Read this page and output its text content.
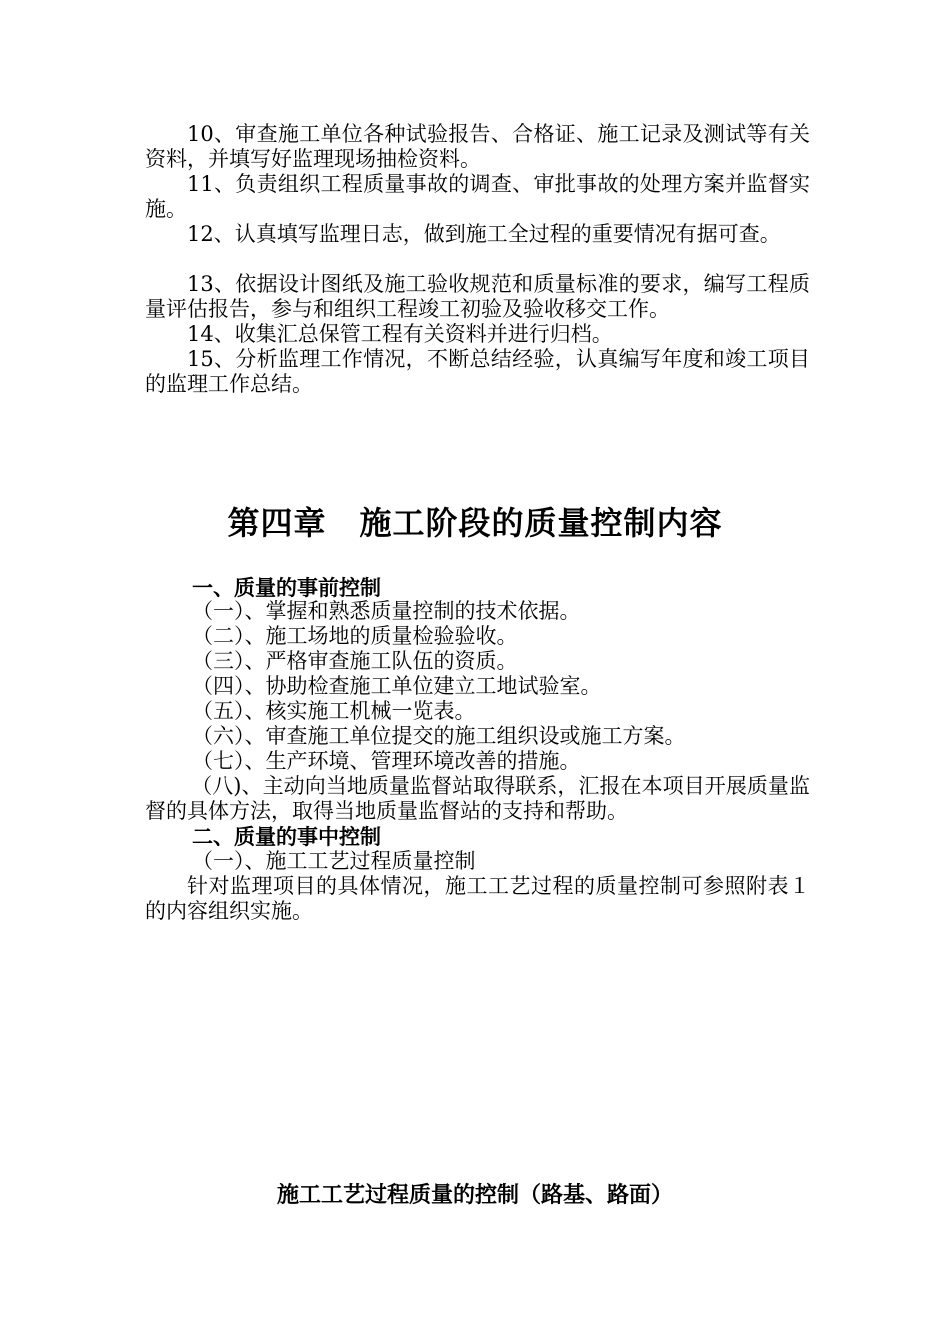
10、审查施工单位各种试验报告、合格证、施工记录及测试等有关资料，并填写好监理现场抽检资料。

11、负责组织工程质量事故的调查、审批事故的处理方案并监督实施。

12、认真填写监理日志，做到施工全过程的重要情况有据可查。

13、依据设计图纸及施工验收规范和质量标准的要求，编写工程质量评估报告，参与和组织工程竣工初验及验收移交工作。

14、收集汇总保管工程有关资料并进行归档。

15、分析监理工作情况，不断总结经验，认真编写年度和竣工项目的监理工作总结。

第四章　施工阶段的质量控制内容

一、质量的事前控制

（一）、掌握和熟悉质量控制的技术依据。

（二）、施工场地的质量检验验收。

（三）、严格审查施工队伍的资质。

（四）、协助检查施工单位建立工地试验室。

（五）、核实施工机械一览表。

（六）、审查施工单位提交的施工组织设或施工方案。

（七）、生产环境、管理环境改善的措施。

（八)、主动向当地质量监督站取得联系，汇报在本项目开展质量监督的具体方法，取得当地质量监督站的支持和帮助。

二、质量的事中控制

（一）、施工工艺过程质量控制

针对监理项目的具体情况，施工工艺过程的质量控制可参照附表１的内容组织实施。

施工工艺过程质量的控制（路基、路面）
